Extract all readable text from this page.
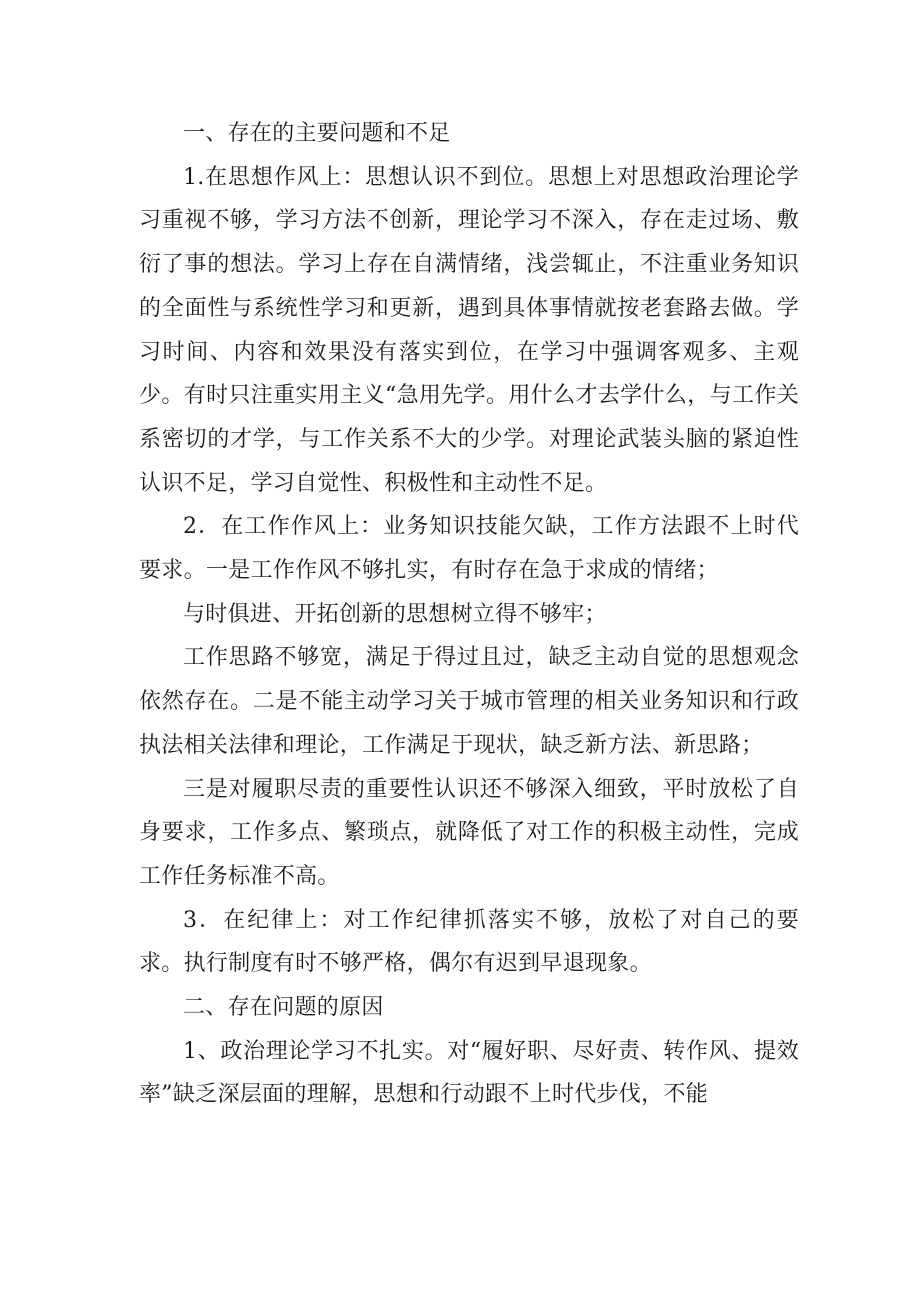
一、存在的主要问题和不足

1.在思想作风上：思想认识不到位。思想上对思想政治理论学习重视不够，学习方法不创新，理论学习不深入，存在走过场、敷衍了事的想法。学习上存在自满情绪，浅尝辄止，不注重业务知识的全面性与系统性学习和更新，遇到具体事情就按老套路去做。学习时间、内容和效果没有落实到位，在学习中强调客观多、主观少。有时只注重实用主义“急用先学。用什么才去学什么，与工作关系密切的才学，与工作关系不大的少学。对理论武装头脑的紧迫性认识不足，学习自觉性、积极性和主动性不足。

2．在工作作风上：业务知识技能欠缺，工作方法跟不上时代要求。一是工作作风不够扎实，有时存在急于求成的情绪；

与时俱进、开拓创新的思想树立得不够牢；

工作思路不够宽，满足于得过且过，缺乏主动自觉的思想观念依然存在。二是不能主动学习关于城市管理的相关业务知识和行政执法相关法律和理论，工作满足于现状，缺乏新方法、新思路；

三是对履职尽责的重要性认识还不够深入细致，平时放松了自身要求，工作多点、繁琐点，就降低了对工作的积极主动性，完成工作任务标准不高。

3．在纪律上：对工作纪律抓落实不够，放松了对自己的要求。执行制度有时不够严格，偶尔有迟到早退现象。

二、存在问题的原因

1、政治理论学习不扎实。对“履好职、尽好责、转作风、提效率”缺乏深层面的理解，思想和行动跟不上时代步伐，不能
